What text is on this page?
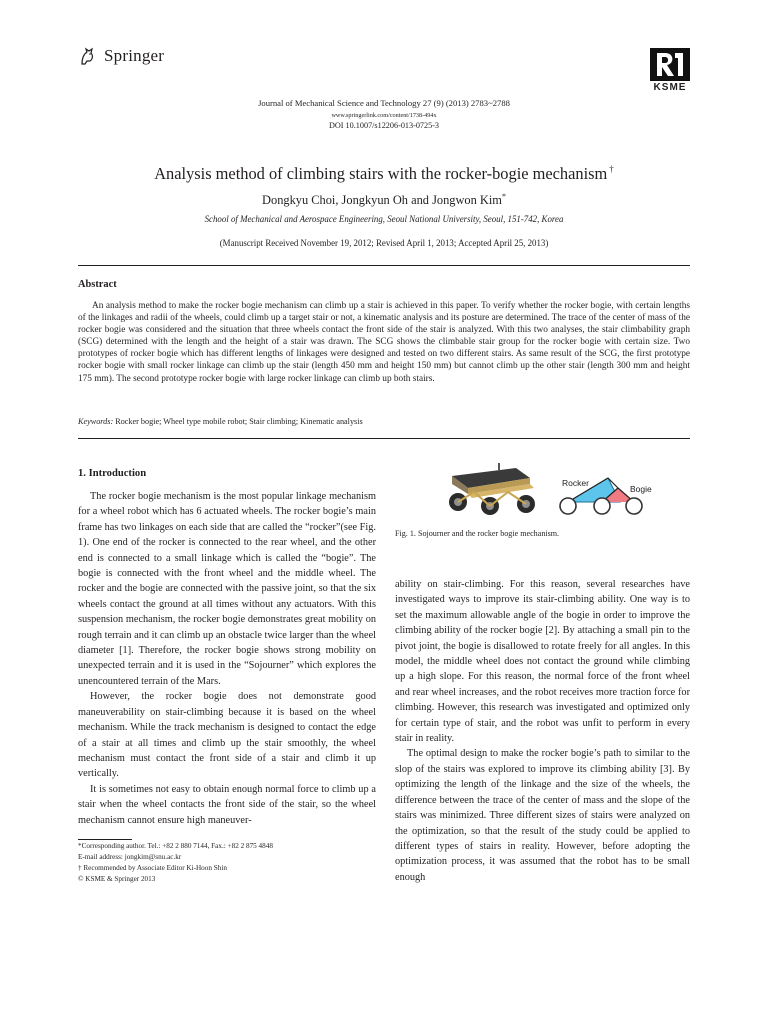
Springer
KSME
Journal of Mechanical Science and Technology 27 (9) (2013) 2783~2788
www.springerlink.com/content/1738-494x
DOI 10.1007/s12206-013-0725-3
Analysis method of climbing stairs with the rocker-bogie mechanism †
Dongkyu Choi, Jongkyun Oh and Jongwon Kim*
School of Mechanical and Aerospace Engineering, Seoul National University, Seoul, 151-742, Korea
(Manuscript Received November 19, 2012; Revised April 1, 2013; Accepted April 25, 2013)
Abstract
An analysis method to make the rocker bogie mechanism can climb up a stair is achieved in this paper. To verify whether the rocker bogie, with certain lengths of the linkages and radii of the wheels, could climb up a target stair or not, a kinematic analysis and its posture are determined. The trace of the center of mass of the rocker bogie was considered and the situation that three wheels contact the front side of the stair is analyzed. With this two analyses, the stair climbability graph (SCG) determined with the length and the height of a stair was drawn. The SCG shows the climbable stair group for the rocker bogie with certain size. Two prototypes of rocker bogie which has different lengths of linkages were designed and tested on two different stairs. As same result of the SCG, the first prototype rocker bogie with small rocker linkage can climb up the stair (length 450 mm and height 150 mm) but cannot climb up the other stair (length 300 mm and height 175 mm). The second prototype rocker bogie with large rocker linkage can climb up both stairs.
Keywords: Rocker bogie; Wheel type mobile robot; Stair climbing; Kinematic analysis
1. Introduction

The rocker bogie mechanism is the most popular linkage mechanism for a wheel robot which has 6 actuated wheels. The rocker bogie’s main frame has two linkages on each side that are called the “rocker”(see Fig. 1). One end of the rocker is connected to the rear wheel, and the other end is connected to a small linkage which is called the “bogie”. The bogie is connected with the front wheel and the middle wheel. The rocker and the bogie are connected with the passive joint, so that the six wheels contact the ground at all times without any actuators. With this suspension mechanism, the rocker bogie demonstrates great mobility on rough terrain and it can climb up an obstacle twice larger than the wheel diameter [1]. Therefore, the rocker bogie shows strong mobility on unexpected terrain and it is used in the “Sojourner” which explores the unencountered terrain of the Mars.

However, the rocker bogie does not demonstrate good maneuverability on stair-climbing because it is based on the wheel mechanism. While the track mechanism is designed to contact the edge of a stair at all times and climb up the stair smoothly, the wheel mechanism must contact the front side of a stair and climb it up vertically.

It is sometimes not easy to obtain enough normal force to climb up a stair when the wheel contacts the front side of the stair, so the wheel mechanism cannot ensure high maneuver-

*Corresponding author. Tel.: +82 2 880 7144, Fax.: +82 2 875 4848
E-mail address: jongkim@snu.ac.kr
† Recommended by Associate Editor Ki-Hoon Shin
© KSME & Springer 2013
Rocker
Bogie
Fig. 1. Sojourner and the rocker bogie mechanism.

ability on stair-climbing. For this reason, several researches have investigated ways to improve its stair-climbing ability. One way is to set the maximum allowable angle of the bogie in order to improve the climbing ability of the rocker bogie [2]. By attaching a small pin to the pivot joint, the bogie is disallowed to rotate freely for all angles. In this model, the middle wheel does not contact the ground while climbing up a high slope. For this reason, the normal force of the front wheel and rear wheel increases, and the robot receives more traction force for climbing. However, this research was investigated and optimized only for certain type of stair, and the robot was unfit to perform in every stair in reality.

The optimal design to make the rocker bogie’s path to similar to the slop of the stairs was explored to improve its climbing ability [3]. By optimizing the length of the linkage and the size of the wheels, the difference between the trace of the center of mass and the slope of the stairs was minimized. Three different sizes of stairs were analyzed on the optimization, so that the result of the study could be applied to different types of stairs in reality. However, before adopting the optimization process, it was assumed that the robot has to be small enough
